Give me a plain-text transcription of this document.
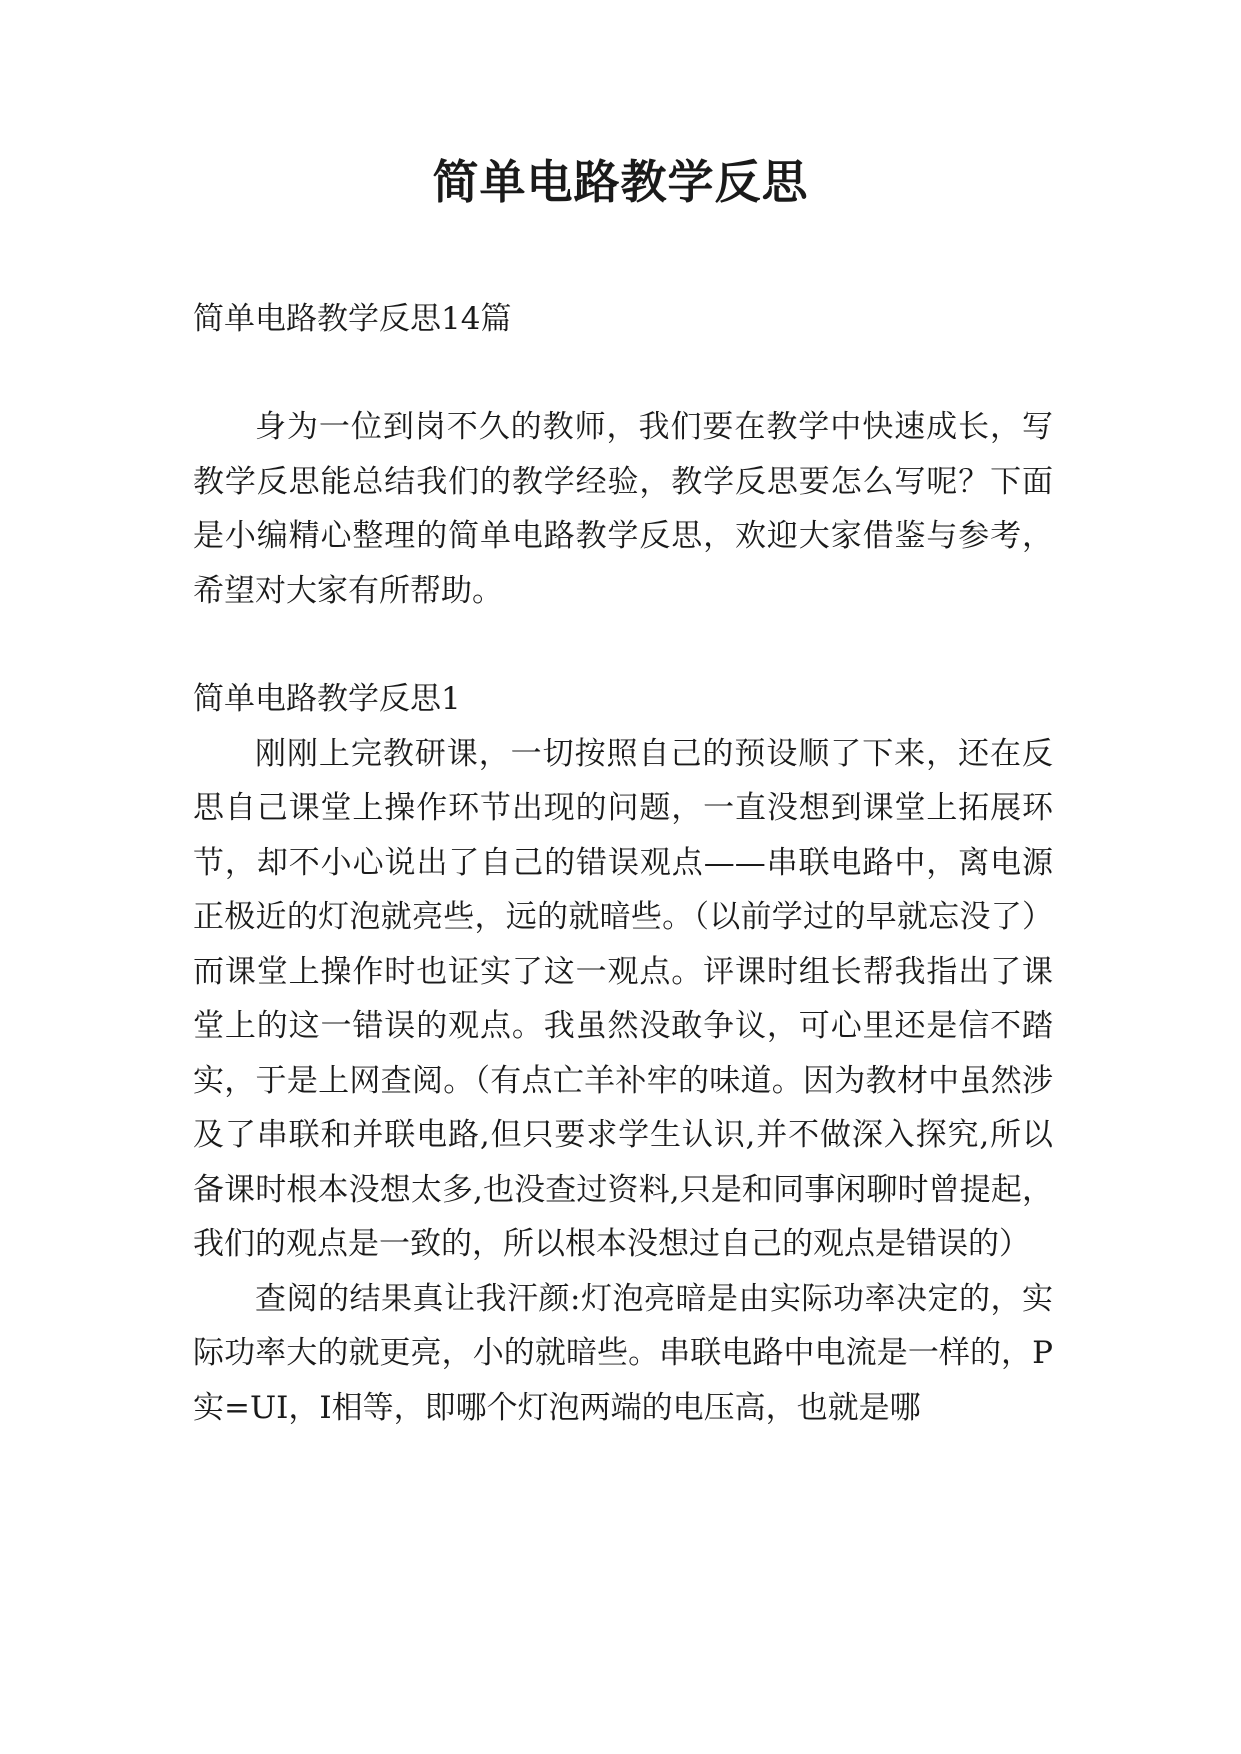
简单电路教学反思
简单电路教学反思14篇

身为一位到岗不久的教师，我们要在教学中快速成长，写教学反思能总结我们的教学经验，教学反思要怎么写呢？下面是小编精心整理的简单电路教学反思，欢迎大家借鉴与参考，希望对大家有所帮助。

简单电路教学反思1

刚刚上完教研课，一切按照自己的预设顺了下来，还在反思自己课堂上操作环节出现的问题，一直没想到课堂上拓展环节，却不小心说出了自己的错误观点——串联电路中，离电源正极近的灯泡就亮些，远的就暗些。（以前学过的早就忘没了）而课堂上操作时也证实了这一观点。评课时组长帮我指出了课堂上的这一错误的观点。我虽然没敢争议，可心里还是信不踏实，于是上网查阅。（有点亡羊补牢的味道。因为教材中虽然涉及了串联和并联电路,但只要求学生认识,并不做深入探究,所以备课时根本没想太多,也没查过资料,只是和同事闲聊时曾提起，我们的观点是一致的，所以根本没想过自己的观点是错误的）

查阅的结果真让我汗颜:灯泡亮暗是由实际功率决定的，实际功率大的就更亮，小的就暗些。串联电路中电流是一样的，P实=UI，I相等，即哪个灯泡两端的电压高，也就是哪
